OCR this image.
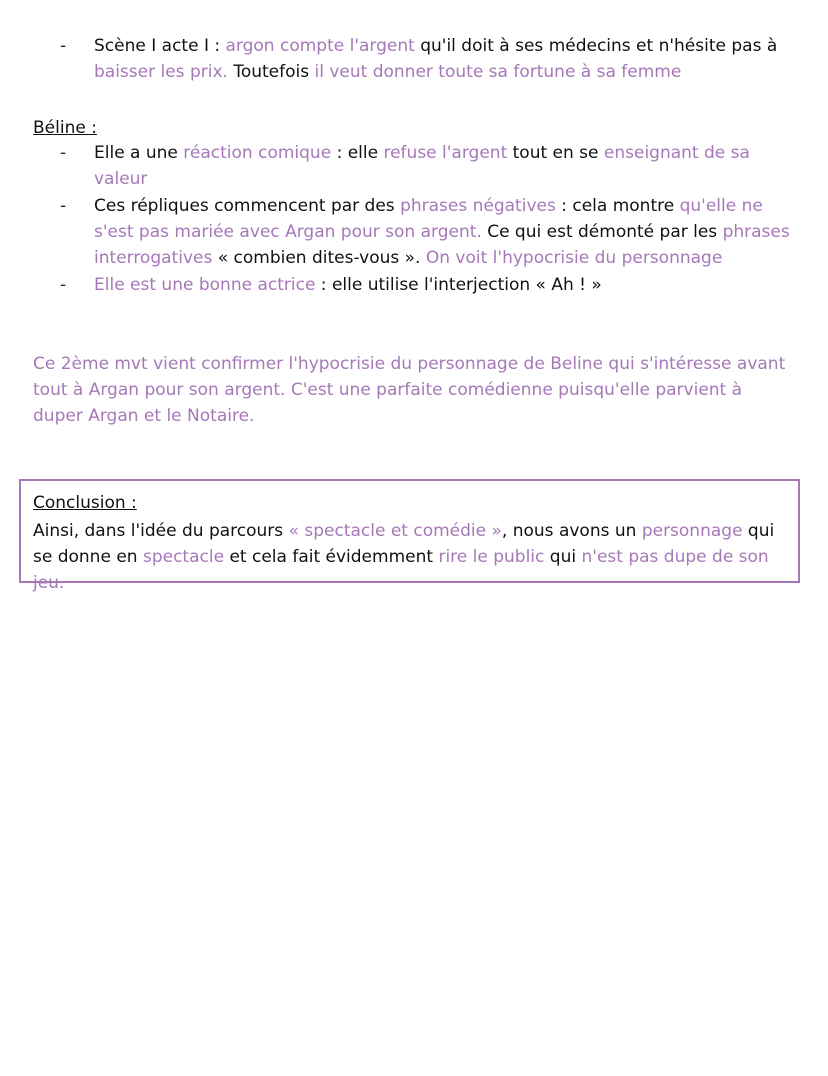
-	Scène I acte I : argon compte l'argent qu'il doit à ses médecins et n'hésite pas à baisser les prix. Toutefois il veut donner toute sa fortune à sa femme
Béline :
-	Elle a une réaction comique : elle refuse l'argent tout en se enseignant de sa valeur
-	Ces répliques commencent par des phrases négatives : cela montre qu'elle ne s'est pas mariée avec Argan pour son argent. Ce qui est démonté par les phrases interrogatives « combien dites-vous ». On voit l'hypocrisie du personnage
-	Elle est une bonne actrice : elle utilise l'interjection « Ah ! »
Ce 2ème mvt vient confirmer l'hypocrisie du personnage de Beline qui s'intéresse avant tout à Argan pour son argent. C'est une parfaite comédienne puisqu'elle parvient à duper Argan et le Notaire.
Conclusion :
Ainsi, dans l'idée du parcours « spectacle et comédie », nous avons un personnage qui se donne en spectacle et cela fait évidemment rire le public qui n'est pas dupe de son jeu.
